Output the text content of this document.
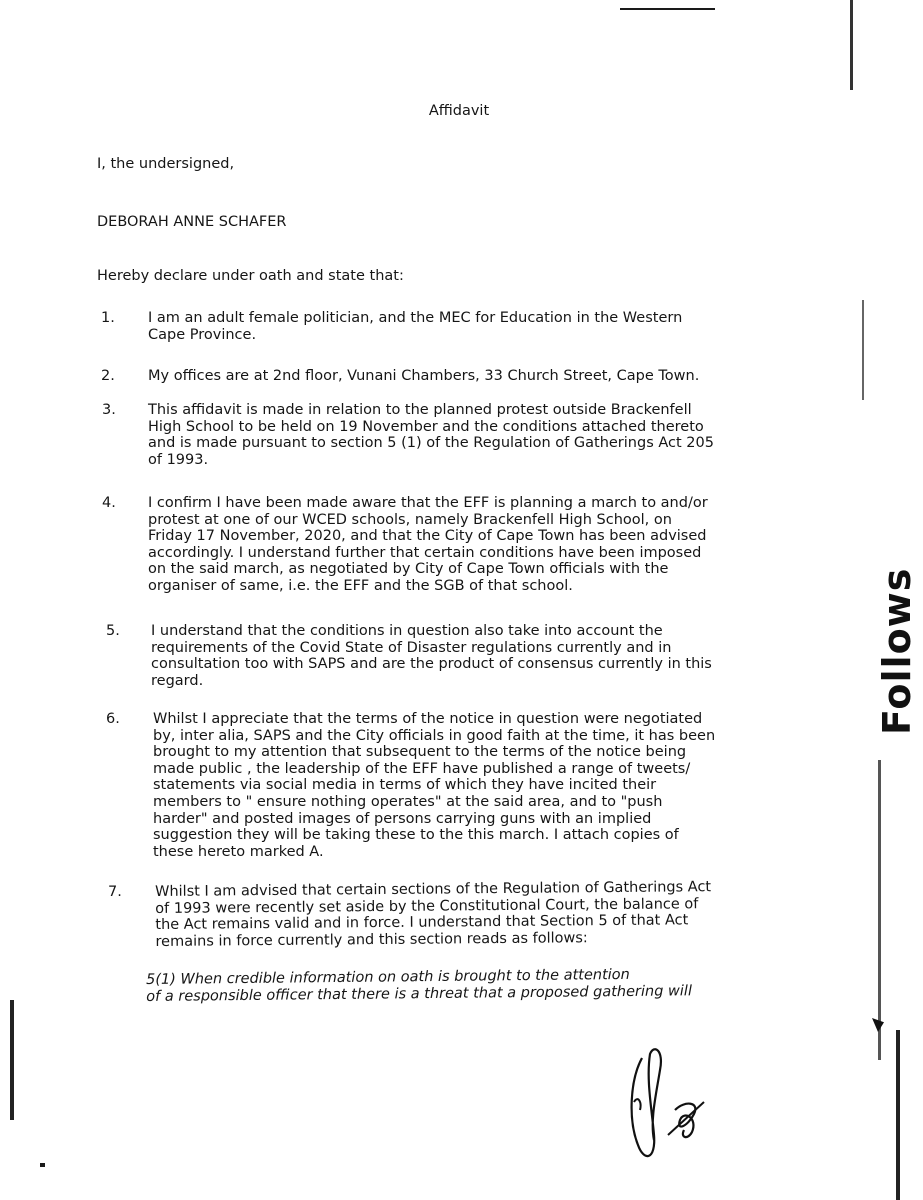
Affidavit
I, the undersigned,
DEBORAH ANNE SCHAFER
Hereby declare under oath and state that:
1.	I am an adult female politician, and the MEC for Education in the Western
Cape Province.
2.	My offices are at 2nd floor, Vunani Chambers, 33 Church Street, Cape Town.
3.	This affidavit is made in relation to the planned protest outside Brackenfell
High School to be held on 19 November and the conditions attached thereto
and is made pursuant to section 5 (1) of the Regulation of Gatherings Act 205
of 1993.
4.	I confirm I have been made aware that the EFF is planning a march to and/or
protest at one of our WCED schools, namely Brackenfell High School, on
Friday 17 November, 2020, and that the City of Cape Town has been advised
accordingly. I understand further that certain conditions have been imposed
on the said march, as negotiated by City of Cape Town officials with the
organiser of same, i.e. the EFF and the SGB of that school.
5.	I understand that the conditions in question also take into account the
requirements of the Covid State of Disaster regulations currently and in
consultation too with SAPS and are the product of consensus currently in this
regard.
6.	Whilst I appreciate that the terms of the notice in question were negotiated
by, inter alia, SAPS and the City officials in good faith at the time, it has been
brought to my attention that subsequent to the terms of the notice being
made public , the leadership of the EFF have published a range of tweets/
statements via social media in terms of which they have incited their
members to " ensure nothing operates" at the said area, and to "push
harder" and posted images of persons carrying guns with an implied
suggestion they will be taking these to the this march. I attach copies of
these hereto marked A.
7.	Whilst I am advised that certain sections of the Regulation of Gatherings Act
of 1993 were recently set aside by the Constitutional Court, the balance of
the Act remains valid and in force. I understand that Section 5 of that Act
remains in force currently and this section reads as follows:
5(1) When credible information on oath is brought to the attention
of a responsible officer that there is a threat that a proposed gathering will
Follows
